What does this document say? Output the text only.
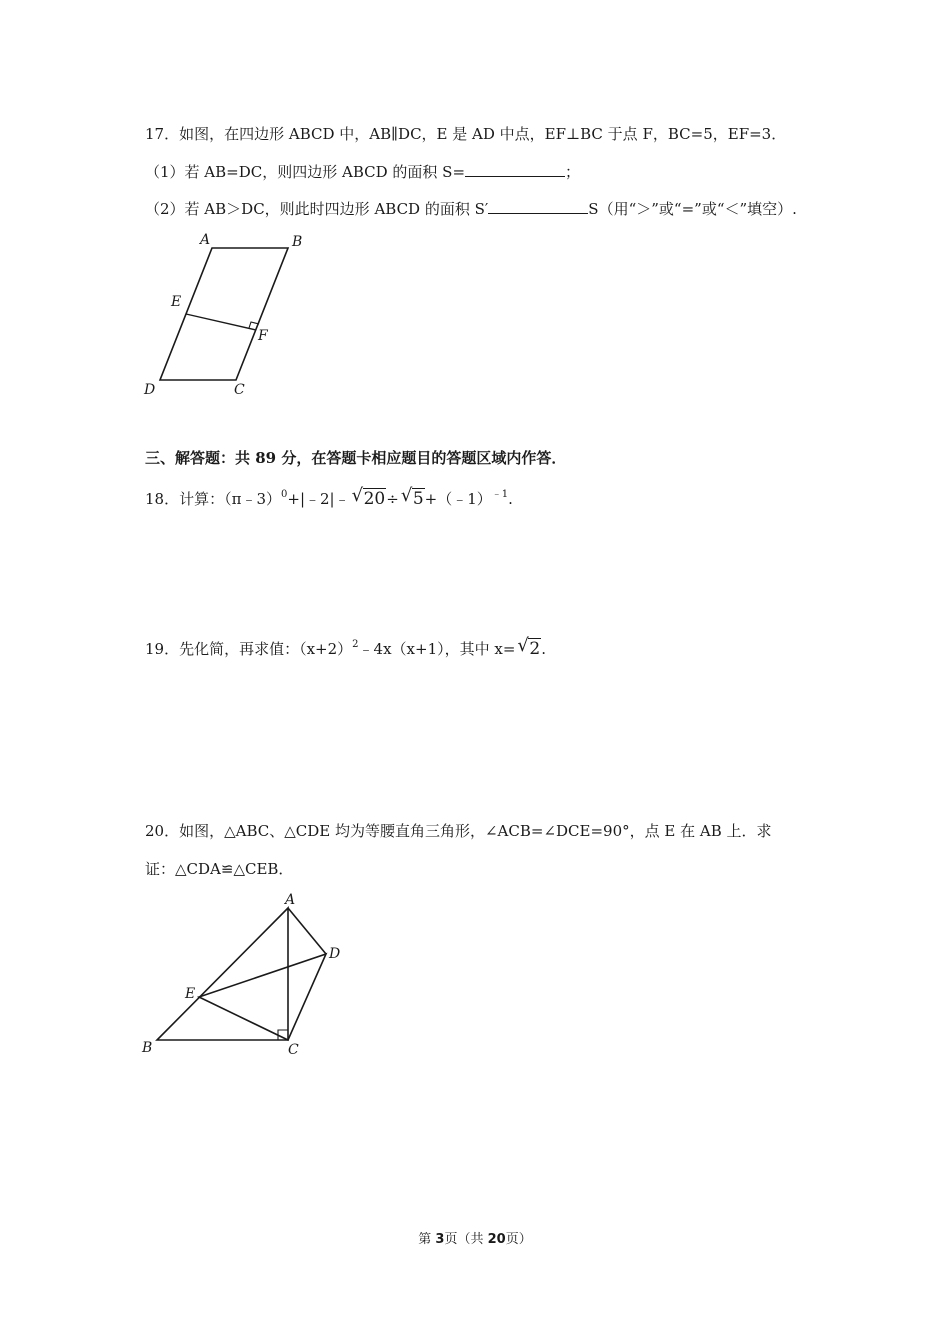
17．如图，在四边形 ABCD 中，AB∥DC，E 是 AD 中点，EF⊥BC 于点 F，BC=5，EF=3．
（1）若 AB=DC，则四边形 ABCD 的面积 S=	；
（2）若 AB＞DC，则此时四边形 ABCD 的面积 S′	S（用“＞”或“=”或“＜”填空）.
A	B
C
D
E
F
三、解答题：共 89 分，在答题卡相应题目的答题区域内作答．
18．计算：（π﹣3）$^0$+|﹣2|﹣ √ 20÷ √ 5+（﹣1）$^{﹣1}$.
19．先化简，再求值：$(x+2)^2﹣4x(x+1)$，其中 x= √ 2.
20．如图，△ABC、△CDE 均为等腰直角三角形，∠ACB=∠DCE=90°，点 E 在 AB 上．求
证：△CDA≌△CEB．
A
B	C
D
E
第 3页（共 20页）
